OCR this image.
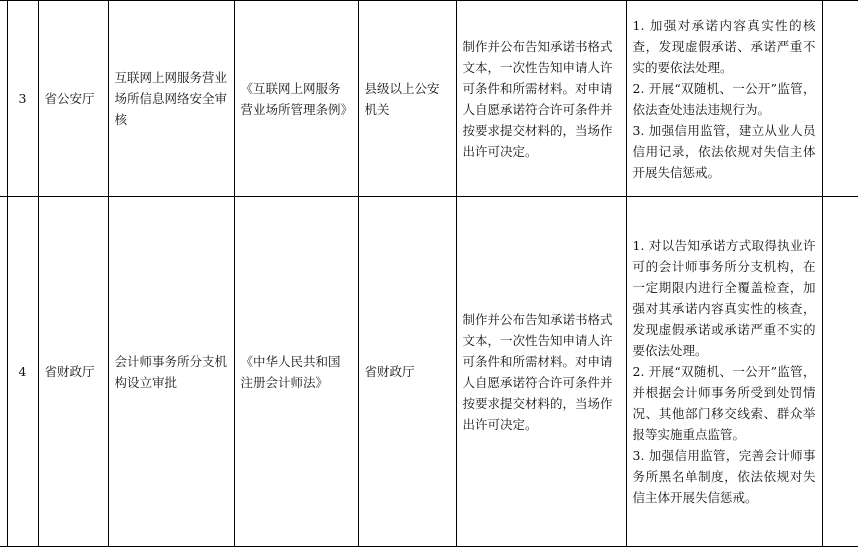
	3	省公安厅	互联网上网服务营业场所信息网络安全审核	《互联网上网服务营业场所管理条例》	县级以上公安机关	制作并公布告知承诺书格式文本，一次性告知申请人许可条件和所需材料。对申请人自愿承诺符合许可条件并按要求提交材料的，当场作出许可决定。	1. 加强对承诺内容真实性的核查，发现虚假承诺、承诺严重不实的要依法处理。
2. 开展“双随机、一公开”监管，依法查处违法违规行为。
3. 加强信用监管，建立从业人员信用记录，依法依规对失信主体开展失信惩戒。	

	4	省财政厅	会计师事务所分支机构设立审批	《中华人民共和国注册会计师法》	省财政厅	制作并公布告知承诺书格式文本，一次性告知申请人许可条件和所需材料。对申请人自愿承诺符合许可条件并按要求提交材料的，当场作出许可决定。	1. 对以告知承诺方式取得执业许可的会计师事务所分支机构，在一定期限内进行全覆盖检查，加强对其承诺内容真实性的核查，发现虚假承诺或承诺严重不实的要依法处理。
2. 开展“双随机、一公开”监管，并根据会计师事务所受到处罚情况、其他部门移交线索、群众举报等实施重点监管。
3. 加强信用监管，完善会计师事务所黑名单制度，依法依规对失信主体开展失信惩戒。	
